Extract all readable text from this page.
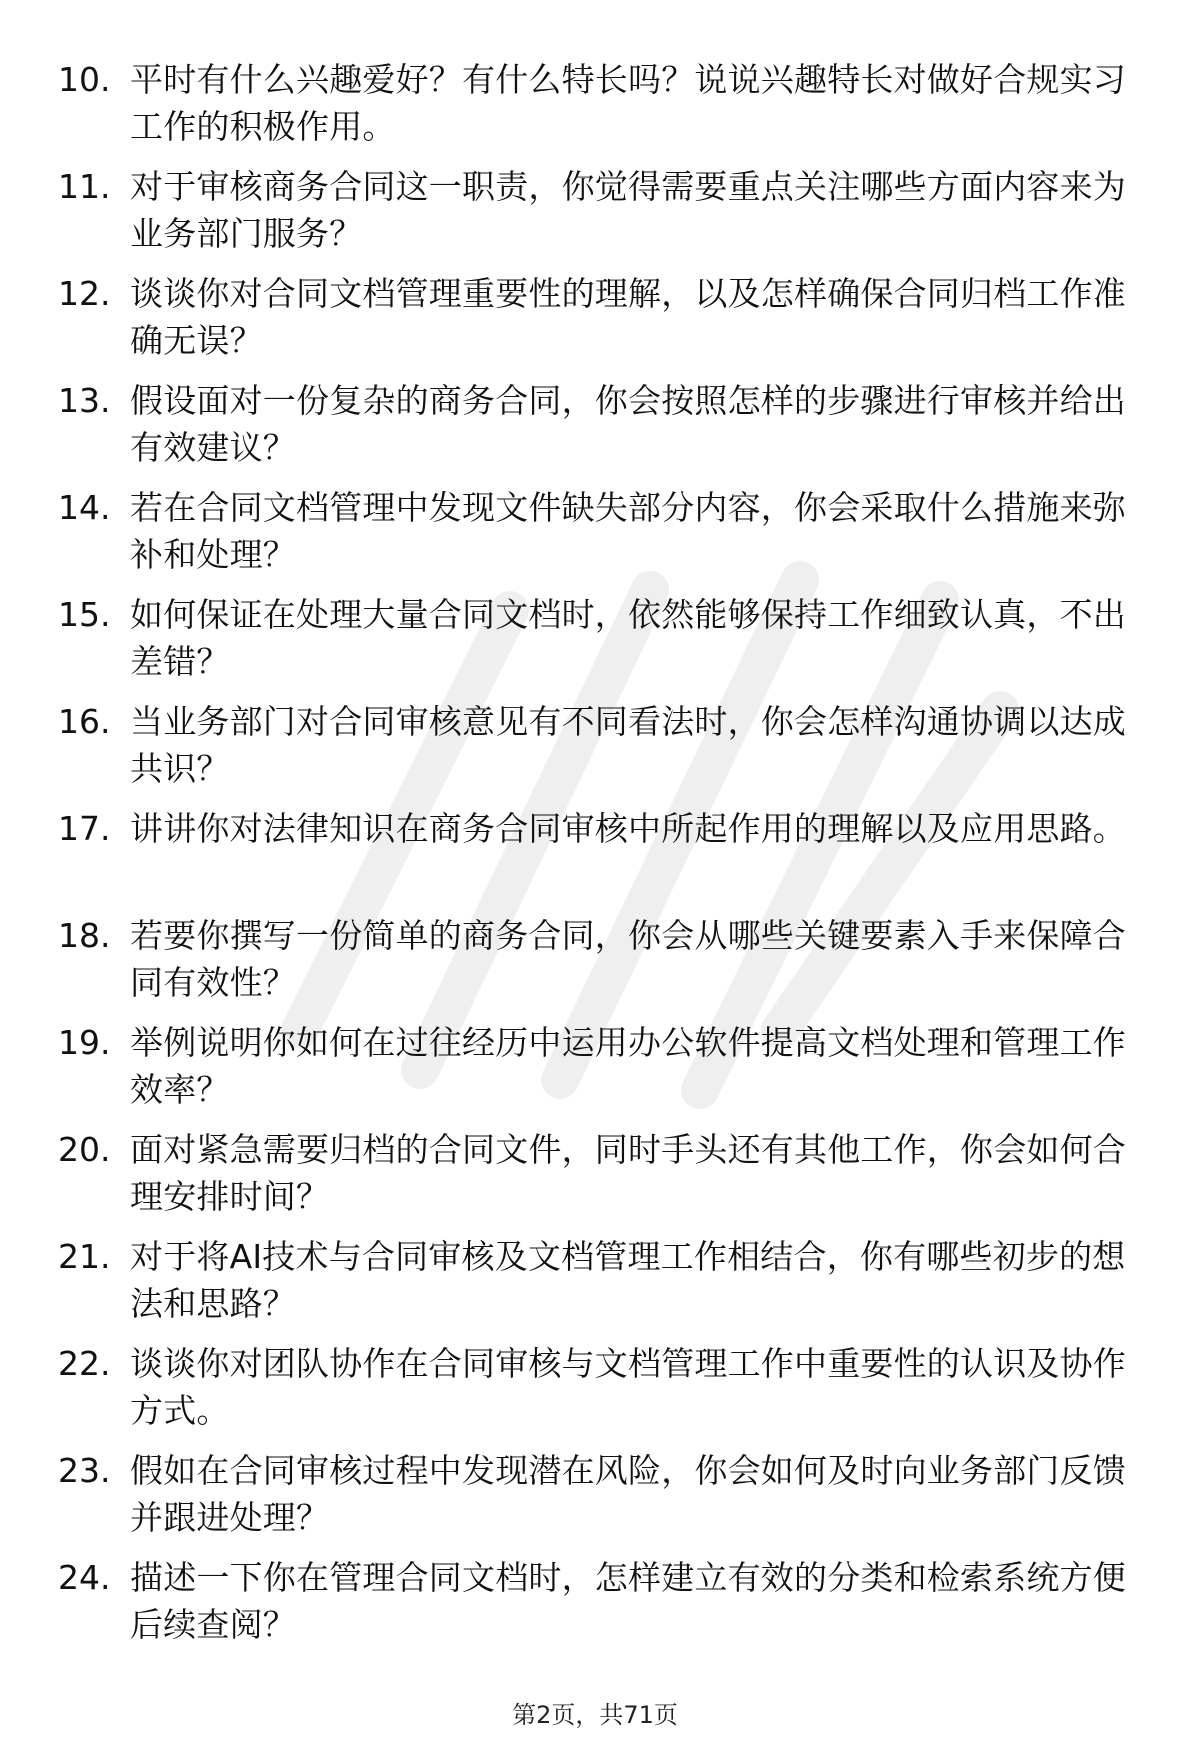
10. 平时有什么兴趣爱好？有什么特长吗？说说兴趣特长对做好合规实习工作的积极作用。
11. 对于审核商务合同这一职责，你觉得需要重点关注哪些方面内容来为业务部门服务？
12. 谈谈你对合同文档管理重要性的理解，以及怎样确保合同归档工作准确无误？
13. 假设面对一份复杂的商务合同，你会按照怎样的步骤进行审核并给出有效建议？
14. 若在合同文档管理中发现文件缺失部分内容，你会采取什么措施来弥补和处理？
15. 如何保证在处理大量合同文档时，依然能够保持工作细致认真，不出差错？
16. 当业务部门对合同审核意见有不同看法时，你会怎样沟通协调以达成共识？
17. 讲讲你对法律知识在商务合同审核中所起作用的理解以及应用思路。
18. 若要你撰写一份简单的商务合同，你会从哪些关键要素入手来保障合同有效性？
19. 举例说明你如何在过往经历中运用办公软件提高文档处理和管理工作效率？
20. 面对紧急需要归档的合同文件，同时手头还有其他工作，你会如何合理安排时间？
21. 对于将AI技术与合同审核及文档管理工作相结合，你有哪些初步的想法和思路？
22. 谈谈你对团队协作在合同审核与文档管理工作中重要性的认识及协作方式。
23. 假如在合同审核过程中发现潜在风险，你会如何及时向业务部门反馈并跟进处理？
24. 描述一下你在管理合同文档时，怎样建立有效的分类和检索系统方便后续查阅？
第2页，共71页
